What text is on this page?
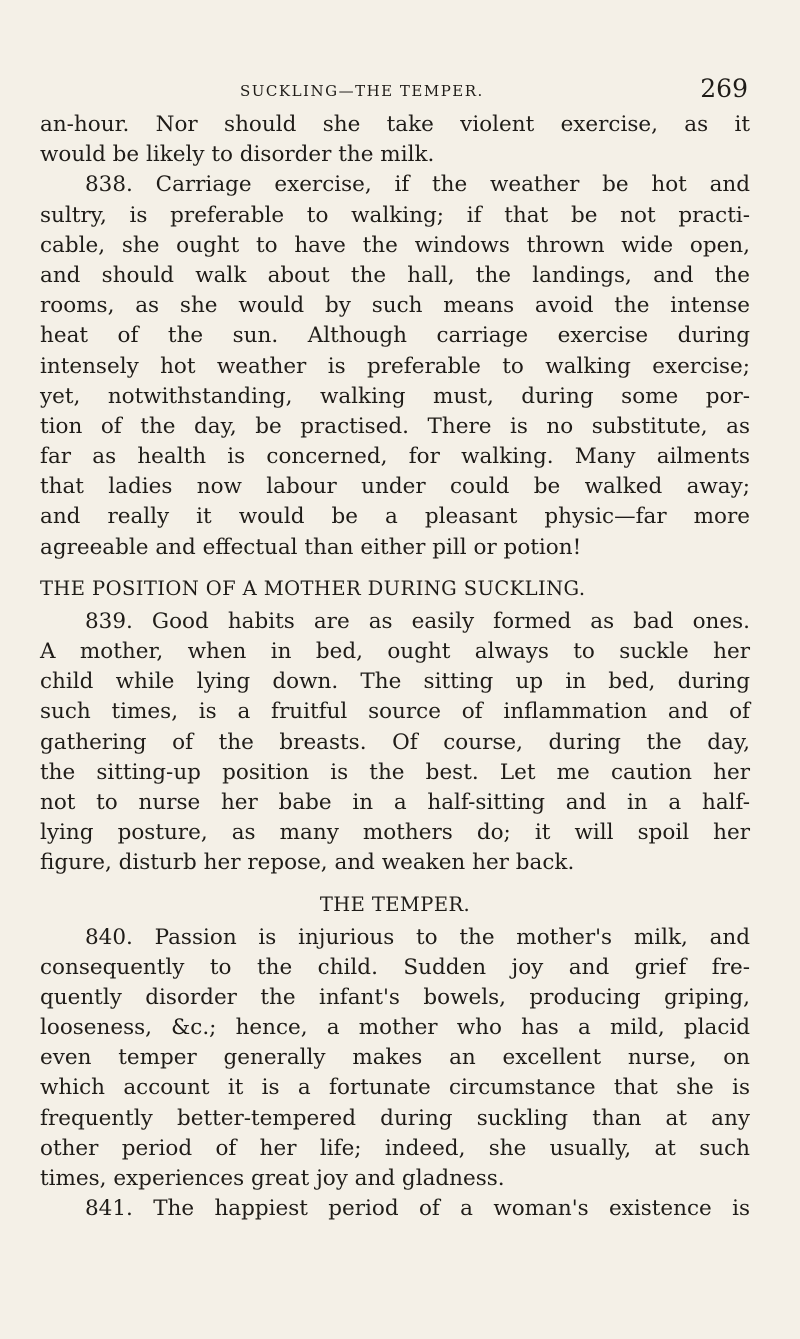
SUCKLING—THE TEMPER.	269
an-hour. Nor should she take violent exercise, as it
would be likely to disorder the milk.
838. Carriage exercise, if the weather be hot and
sultry, is preferable to walking; if that be not practi-
cable, she ought to have the windows thrown wide open,
and should walk about the hall, the landings, and the
rooms, as she would by such means avoid the intense
heat of the sun. Although carriage exercise during
intensely hot weather is preferable to walking exercise;
yet, notwithstanding, walking must, during some por-
tion of the day, be practised. There is no substitute, as
far as health is concerned, for walking. Many ailments
that ladies now labour under could be walked away;
and really it would be a pleasant physic—far more
agreeable and effectual than either pill or potion!
THE POSITION OF A MOTHER DURING SUCKLING.
839. Good habits are as easily formed as bad ones.
A mother, when in bed, ought always to suckle her
child while lying down. The sitting up in bed, during
such times, is a fruitful source of inflammation and of
gathering of the breasts. Of course, during the day,
the sitting-up position is the best. Let me caution her
not to nurse her babe in a half-sitting and in a half-
lying posture, as many mothers do; it will spoil her
figure, disturb her repose, and weaken her back.
THE TEMPER.
840. Passion is injurious to the mother's milk, and
consequently to the child. Sudden joy and grief fre-
quently disorder the infant's bowels, producing griping,
looseness, &c.; hence, a mother who has a mild, placid
even temper generally makes an excellent nurse, on
which account it is a fortunate circumstance that she is
frequently better-tempered during suckling than at any
other period of her life; indeed, she usually, at such
times, experiences great joy and gladness.
841. The happiest period of a woman's existence is
